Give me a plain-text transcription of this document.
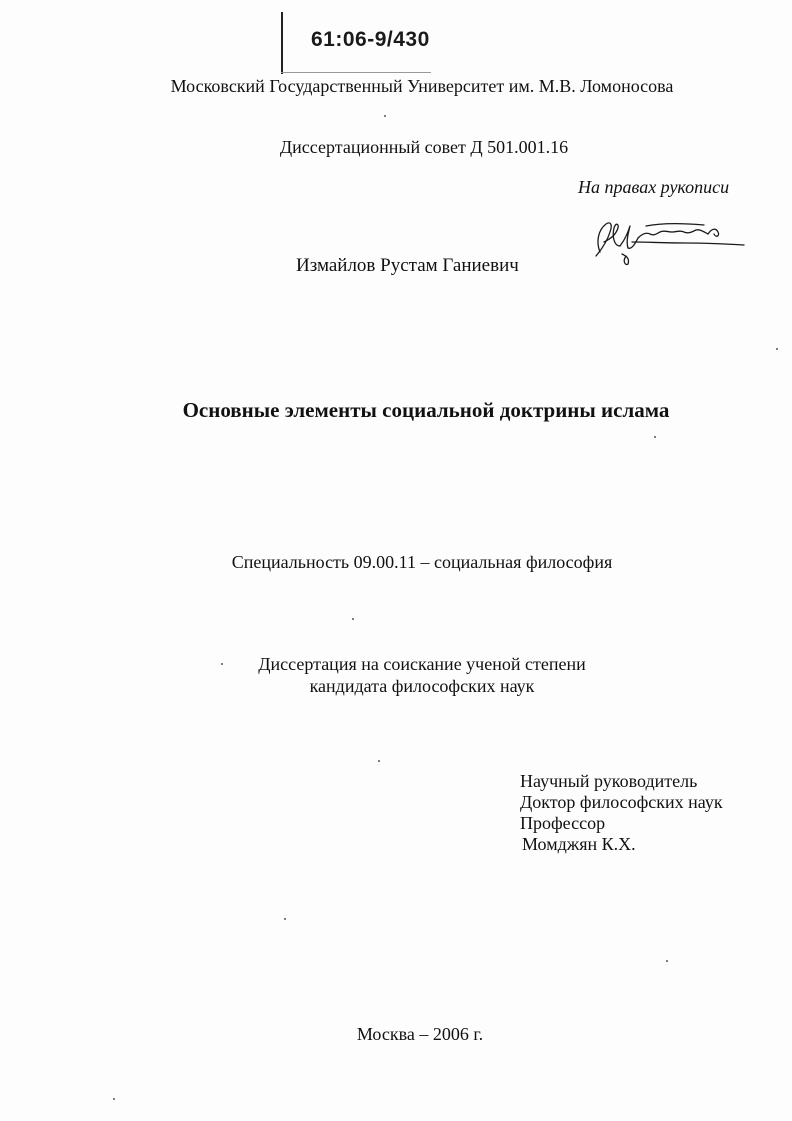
61:06-9/430
Московский Государственный Университет им. М.В. Ломоносова
Диссертационный совет Д 501.001.16
На правах рукописи
Измайлов Рустам Ганиевич
Основные элементы социальной доктрины ислама
Специальность 09.00.11 – социальная философия
Диссертация на соискание ученой степени
кандидата философских наук
Научный руководитель
Доктор философских наук
Профессор
Момджян К.Х.
Москва – 2006 г.
